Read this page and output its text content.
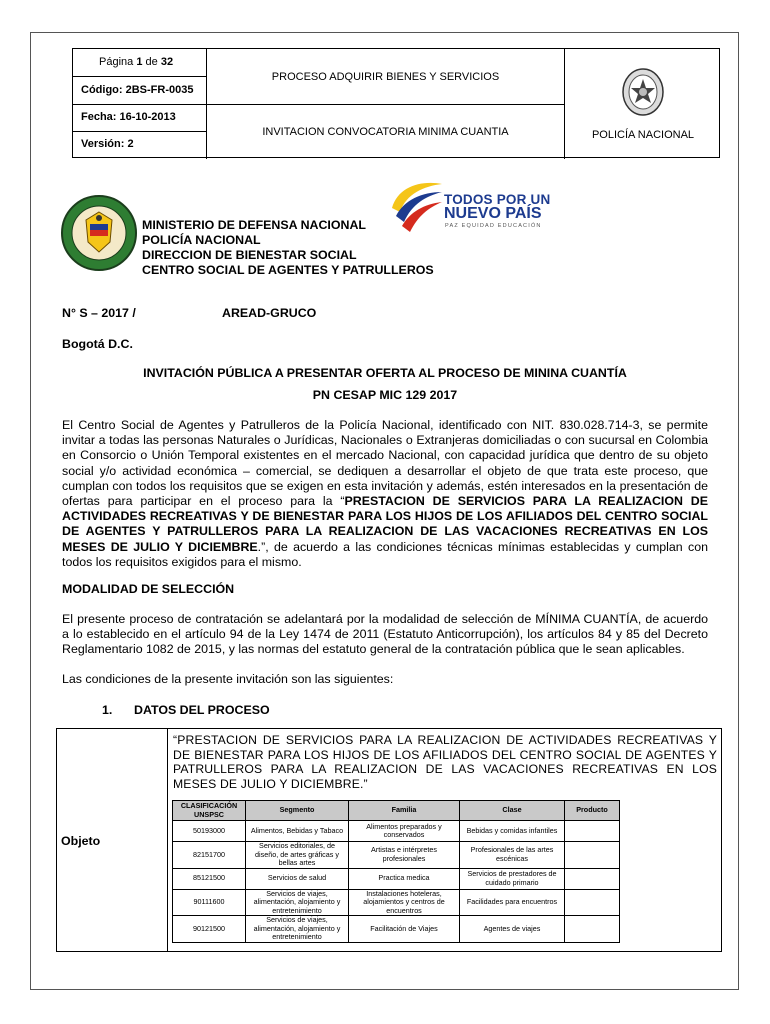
Página 1 de 32
Código: 2BS-FR-0035
Fecha: 16-10-2013
Versión: 2
PROCESO ADQUIRIR BIENES Y SERVICIOS
INVITACION CONVOCATORIA MINIMA CUANTIA	POLICÍA NACIONAL
MINISTERIO DE DEFENSA NACIONAL
POLICÍA NACIONAL
DIRECCION DE BIENESTAR SOCIAL
CENTRO SOCIAL DE AGENTES Y PATRULLEROS
TODOS POR UN
NUEVO PAÍS
PAZ EQUIDAD EDUCACIÓN
N° S – 2017 /	AREAD-GRUCO
Bogotá D.C.
INVITACIÓN PÚBLICA A PRESENTAR OFERTA AL PROCESO DE MININA CUANTÍA
PN CESAP MIC 129 2017
El Centro Social de Agentes y Patrulleros de la Policía Nacional, identificado con NIT. 830.028.714-3, se permite invitar a todas las personas Naturales o Jurídicas, Nacionales o Extranjeras domiciliadas o con sucursal en Colombia en Consorcio o Unión Temporal existentes en el mercado Nacional, con capacidad jurídica que dentro de su objeto social y/o actividad económica – comercial, se dediquen a desarrollar el objeto de que trata este proceso, que cumplan con todos los requisitos que se exigen en esta invitación y además, estén interesados en la presentación de ofertas para participar en el proceso para la “PRESTACION DE SERVICIOS PARA LA REALIZACION DE ACTIVIDADES RECREATIVAS Y DE BIENESTAR PARA LOS HIJOS DE LOS AFILIADOS DEL CENTRO SOCIAL DE AGENTES Y PATRULLEROS PARA LA REALIZACION DE LAS VACACIONES RECREATIVAS EN LOS MESES DE JULIO Y DICIEMBRE.”, de acuerdo a las condiciones técnicas mínimas establecidas y cumplan con todos los requisitos exigidos para el mismo.
MODALIDAD DE SELECCIÓN
El presente proceso de contratación se adelantará por la modalidad de selección de MÍNIMA CUANTÍA, de acuerdo a lo establecido en el artículo 94 de la Ley 1474 de 2011 (Estatuto Anticorrupción), los artículos 84 y 85 del Decreto Reglamentario 1082 de 2015, y las normas del estatuto general de la contratación pública que le sean aplicables.
Las condiciones de la presente invitación son las siguientes:
1. DATOS DEL PROCESO
Objeto
“PRESTACION DE SERVICIOS PARA LA REALIZACION DE ACTIVIDADES RECREATIVAS Y DE BIENESTAR PARA LOS HIJOS DE LOS AFILIADOS DEL CENTRO SOCIAL DE AGENTES Y PATRULLEROS PARA LA REALIZACION DE LAS VACACIONES RECREATIVAS EN LOS MESES DE JULIO Y DICIEMBRE.”
CLASIFICACIÓN UNSPSC	Segmento	Familia	Clase	Producto
50193000	Alimentos, Bebidas y Tabaco	Alimentos preparados y conservados	Bebidas y comidas infantiles	
82151700	Servicios editoriales, de diseño, de artes gráficas y bellas artes	Artistas e intérpretes profesionales	Profesionales de las artes escénicas	
85121500	Servicios de salud	Practica medica	Servicios de prestadores de cuidado primario	
90111600	Servicios de viajes, alimentación, alojamiento y entretenimiento	Instalaciones hoteleras, alojamientos y centros de encuentros	Facilidades para encuentros	
90121500	Servicios de viajes, alimentación, alojamiento y entretenimiento	Facilitación de Viajes	Agentes de viajes	
